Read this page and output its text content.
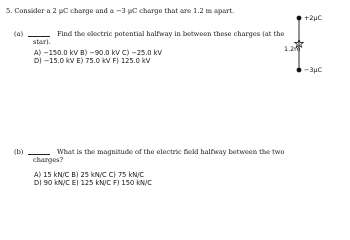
5. Consider a 2 μC charge and a −3 μC charge that are 1.2 m apart.
(a)	Find the electric potential halfway in between these charges (at the
star).
A) −150.0 kV B) −90.0 kV C) −25.0 kV
D) −15.0 kV E) 75.0 kV F) 125.0 kV
(b)	What is the magnitude of the electric field halfway between the two
charges?
A) 15 kN/C B) 25 kN/C C) 75 kN/C
D) 90 kN/C E) 125 kN/C F) 150 kN/C
+2μC
1.2m
−3μC
